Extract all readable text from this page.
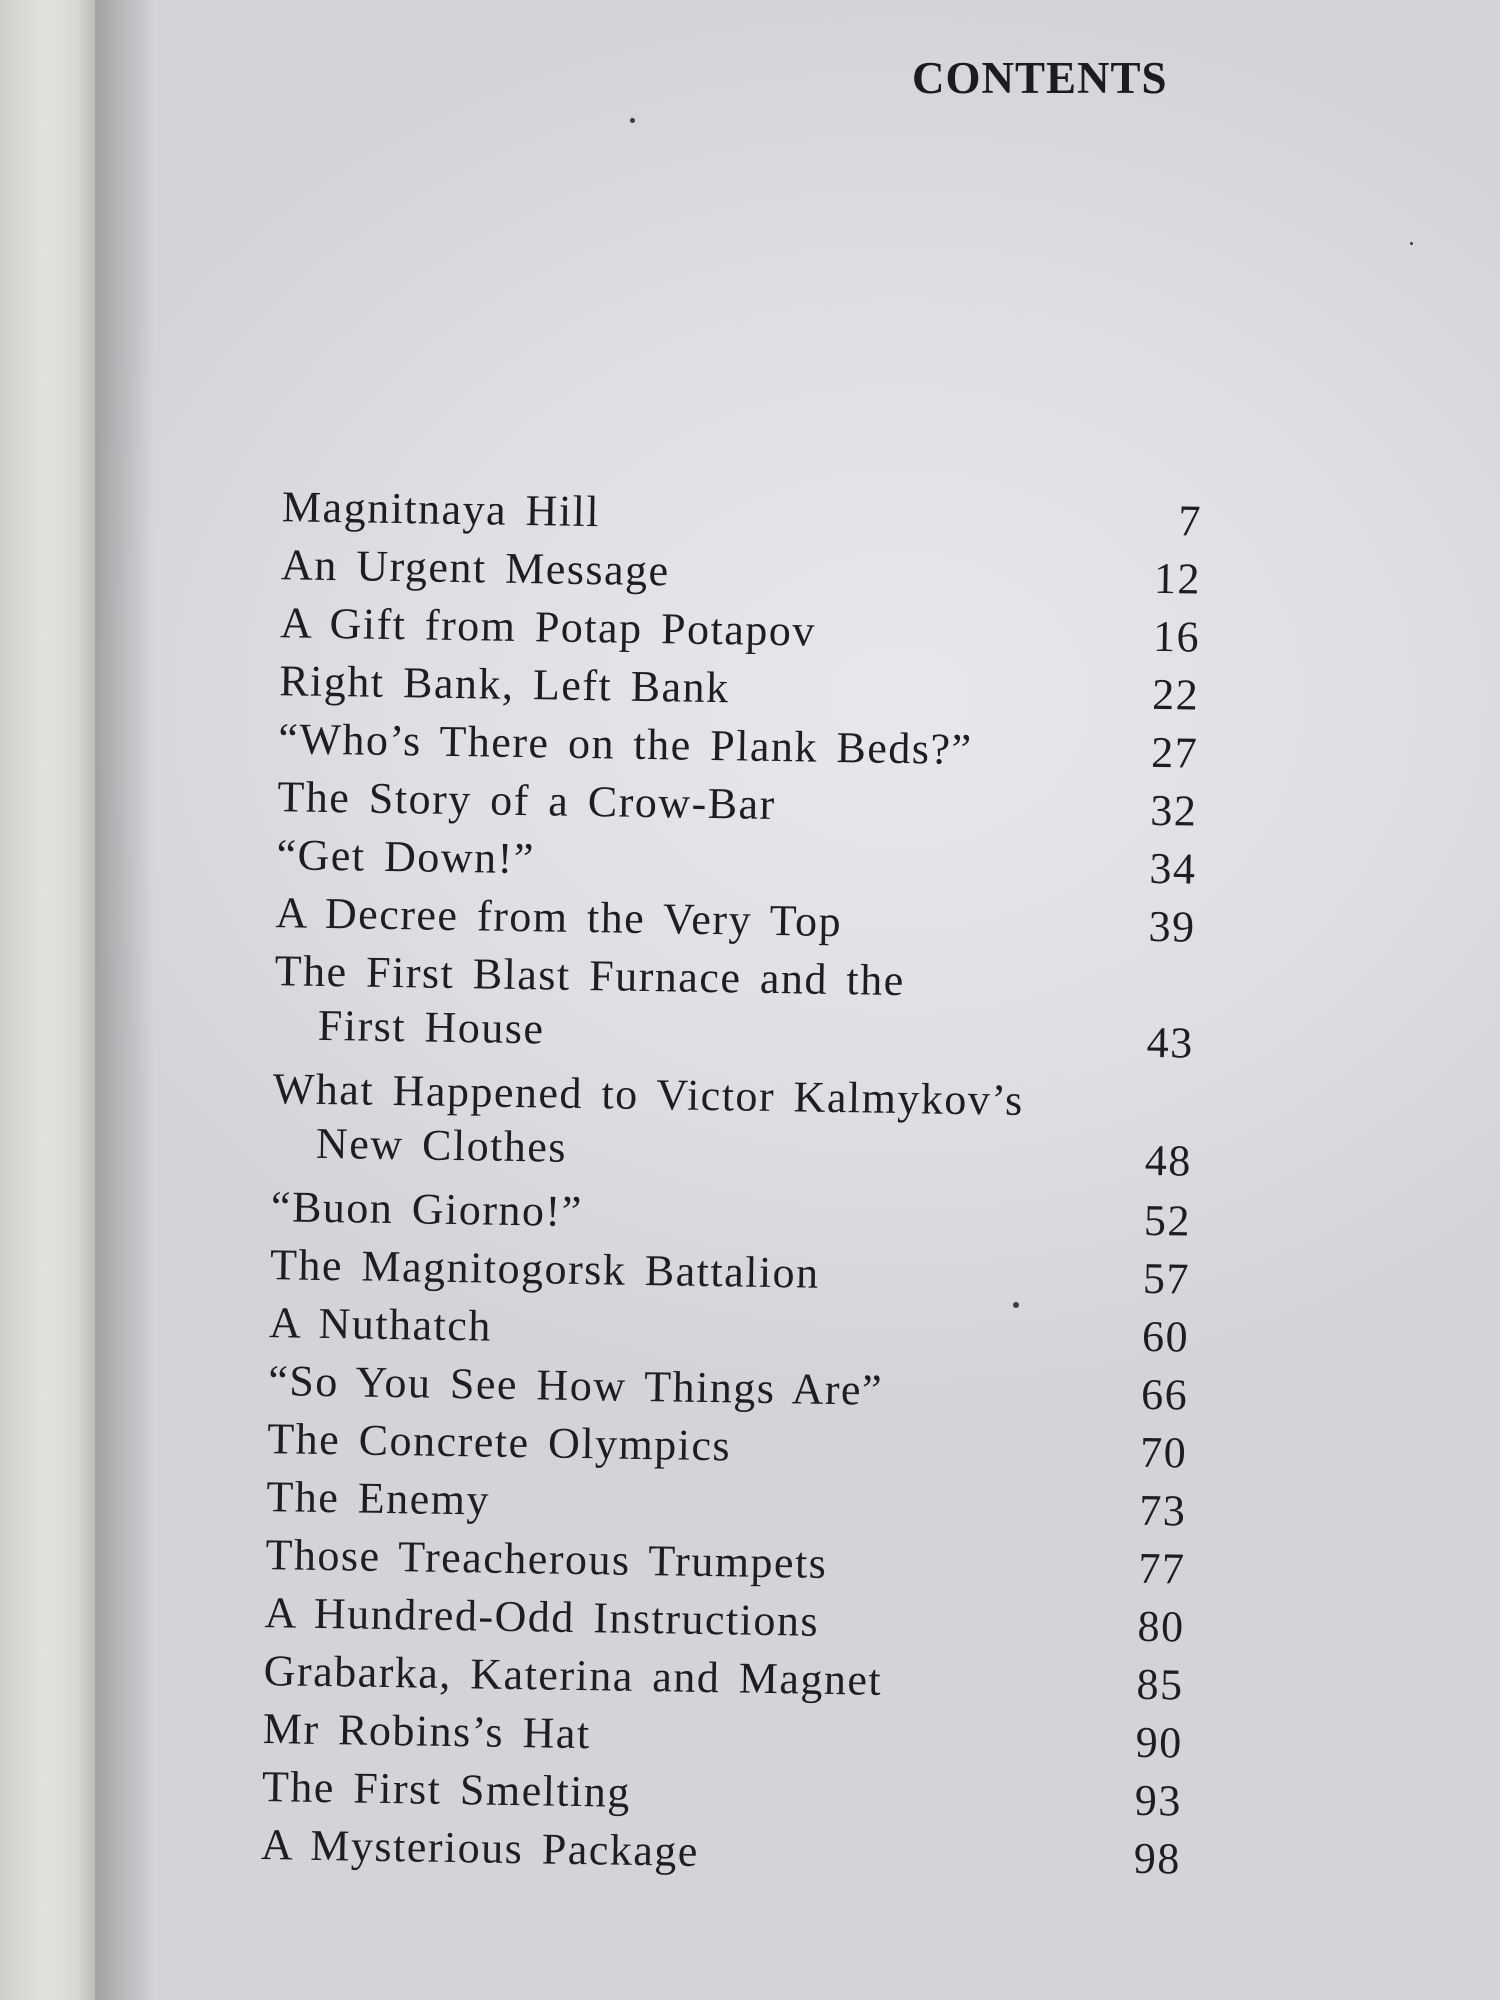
CONTENTS
Magnitnaya Hill	7
An Urgent Message	12
A Gift from Potap Potapov	16
Right Bank, Left Bank	22
“Who’s There on the Plank Beds?”	27
The Story of a Crow-Bar	32
“Get Down!”	34
A Decree from the Very Top	39
The First Blast Furnace and the
First House	43
What Happened to Victor Kalmykov’s
New Clothes	48
“Buon Giorno!”	52
The Magnitogorsk Battalion	57
A Nuthatch	60
“So You See How Things Are”	66
The Concrete Olympics	70
The Enemy	73
Those Treacherous Trumpets	77
A Hundred-Odd Instructions	80
Grabarka, Katerina and Magnet	85
Mr Robins’s Hat	90
The First Smelting	93
A Mysterious Package	98
